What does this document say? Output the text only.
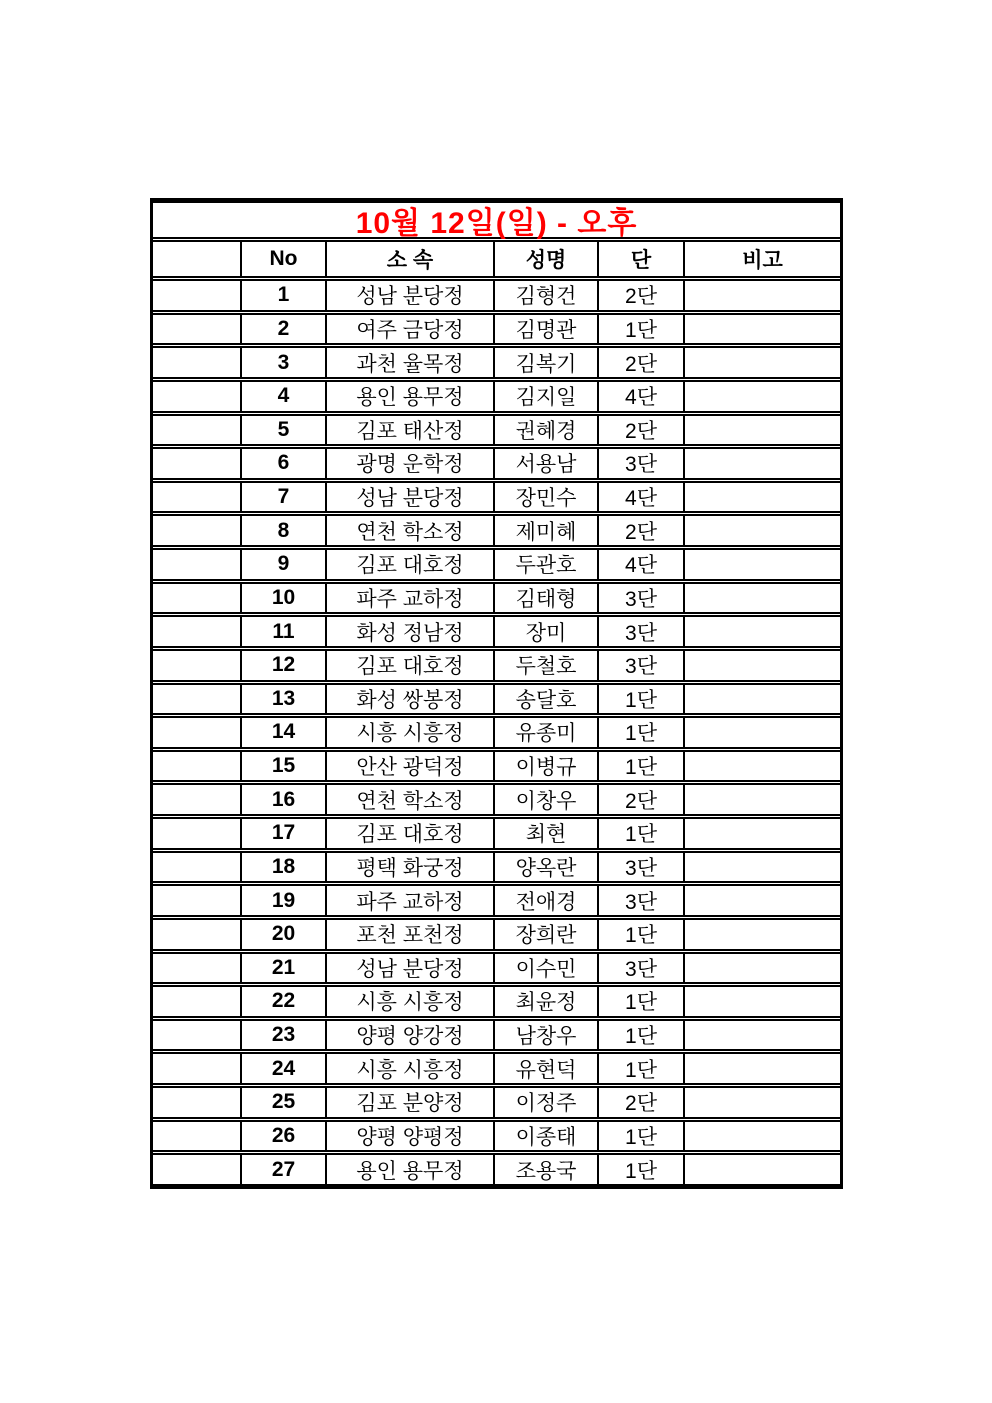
10월 12일(일) - 오후
No	소 속	성명	단	비고
1	성남 분당정	김형건	2단
2	여주 금당정	김명관	1단
3	과천 율목정	김복기	2단
4	용인 용무정	김지일	4단
5	김포 태산정	권혜경	2단
6	광명 운학정	서용남	3단
7	성남 분당정	장민수	4단
8	연천 학소정	제미혜	2단
9	김포 대호정	두관호	4단
10	파주 교하정	김태형	3단
11	화성 정남정	장미	3단
12	김포 대호정	두철호	3단
13	화성 쌍봉정	송달호	1단
14	시흥 시흥정	유종미	1단
15	안산 광덕정	이병규	1단
16	연천 학소정	이창우	2단
17	김포 대호정	최현	1단
18	평택 화궁정	양옥란	3단
19	파주 교하정	전애경	3단
20	포천 포천정	장희란	1단
21	성남 분당정	이수민	3단
22	시흥 시흥정	최윤정	1단
23	양평 양강정	남창우	1단
24	시흥 시흥정	유현덕	1단
25	김포 분양정	이정주	2단
26	양평 양평정	이종태	1단
27	용인 용무정	조용국	1단
